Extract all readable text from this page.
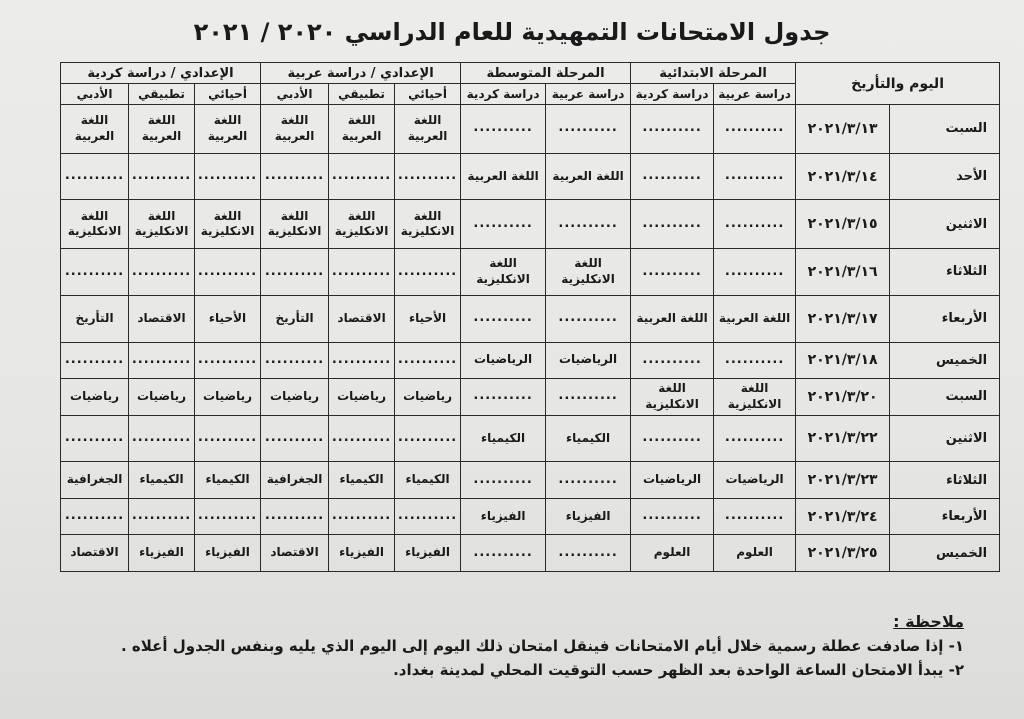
جدول الامتحانات التمهيدية للعام الدراسي ٢٠٢٠ / ٢٠٢١
اليوم والتأريخ		المرحلة الابتدائية		المرحلة المتوسطة		الإعدادي / دراسة عربية			الإعدادي / دراسة كردية		
		دراسة عربية	دراسة كردية	دراسة عربية	دراسة كردية	أحيائي	تطبيقي	الأدبي	أحيائي	تطبيقي	الأدبي
السبت	٢٠٢١/٣/١٣	..........	..........	..........	..........	اللغة العربية	اللغة العربية	اللغة العربية	اللغة العربية	اللغة العربية	اللغة العربية
الأحد	٢٠٢١/٣/١٤	..........	..........	اللغة العربية	اللغة العربية	..........	..........	..........	..........	..........	..........
الاثنين	٢٠٢١/٣/١٥	..........	..........	..........	..........	اللغة الانكليزية	اللغة الانكليزية	اللغة الانكليزية	اللغة الانكليزية	اللغة الانكليزية	اللغة الانكليزية
الثلاثاء	٢٠٢١/٣/١٦	..........	..........	اللغة الانكليزية	اللغة الانكليزية	..........	..........	..........	..........	..........	..........
الأربعاء	٢٠٢١/٣/١٧	اللغة العربية	اللغة العربية	..........	..........	الأحياء	الاقتصاد	التأريخ	الأحياء	الاقتصاد	التأريخ
الخميس	٢٠٢١/٣/١٨	..........	..........	الرياضيات	الرياضيات	..........	..........	..........	..........	..........	..........
السبت	٢٠٢١/٣/٢٠	اللغة الانكليزية	اللغة الانكليزية	..........	..........	رياضيات	رياضيات	رياضيات	رياضيات	رياضيات	رياضيات
الاثنين	٢٠٢١/٣/٢٢	..........	..........	الكيمياء	الكيمياء	..........	..........	..........	..........	..........	..........
الثلاثاء	٢٠٢١/٣/٢٣	الرياضيات	الرياضيات	..........	..........	الكيمياء	الكيمياء	الجغرافية	الكيمياء	الكيمياء	الجغرافية
الأربعاء	٢٠٢١/٣/٢٤	..........	..........	الفيزياء	الفيزياء	..........	..........	..........	..........	..........	..........
الخميس	٢٠٢١/٣/٢٥	العلوم	العلوم	..........	..........	الفيزياء	الفيزياء	الاقتصاد	الفيزياء	الفيزياء	الاقتصاد
ملاحظة :
١- إذا صادفت عطلة رسمية خلال أيام الامتحانات فينقل امتحان ذلك اليوم إلى اليوم الذي يليه وبنفس الجدول أعلاه .
٢- يبدأ الامتحان الساعة الواحدة بعد الظهر حسب التوقيت المحلي لمدينة بغداد.
